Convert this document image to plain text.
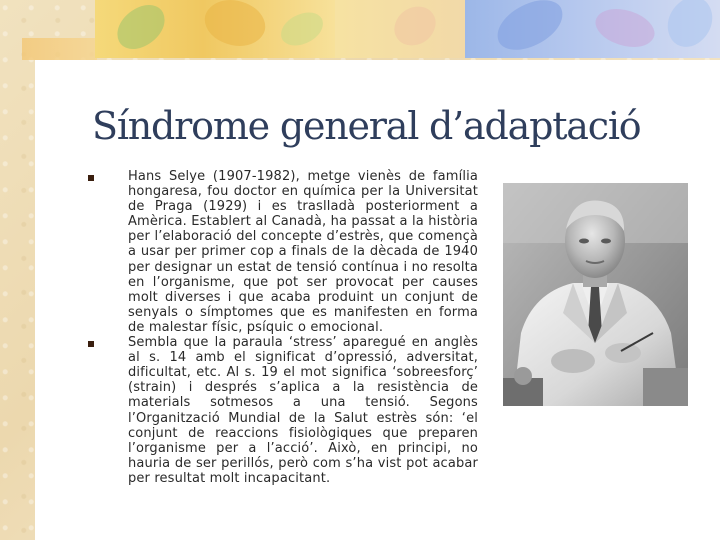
Síndrome general d’adaptació
Hans Selye (1907-1982), metge vienès de família hongaresa, fou doctor en química per la Universitat de Praga (1929) i es traslladà posteriorment a Amèrica. Establert al Canadà, ha passat a la història per l’elaboració del concepte d’estrès, que començà a usar per primer cop a finals de la dècada de 1940 per designar un estat de tensió contínua i no resolta en l’organisme, que pot ser provocat per causes molt diverses i que acaba produint un conjunt de senyals o símptomes que es manifesten en forma de malestar físic, psíquic o emocional.
Sembla que la paraula ‘stress’ aparegué en anglès al s. 14 amb el significat d’opressió, adversitat, dificultat, etc. Al s. 19 el mot significa ‘sobreesforç’ (strain) i després s’aplica a la resistència de materials sotmesos a una tensió. Segons l’Organització Mundial de la Salut estrès són: ‘el conjunt de reaccions fisiològiques que preparen l’organisme per a l’acció’. Això, en principi, no hauria de ser perillós, però com s’ha vist pot acabar per resultat molt incapacitant.
